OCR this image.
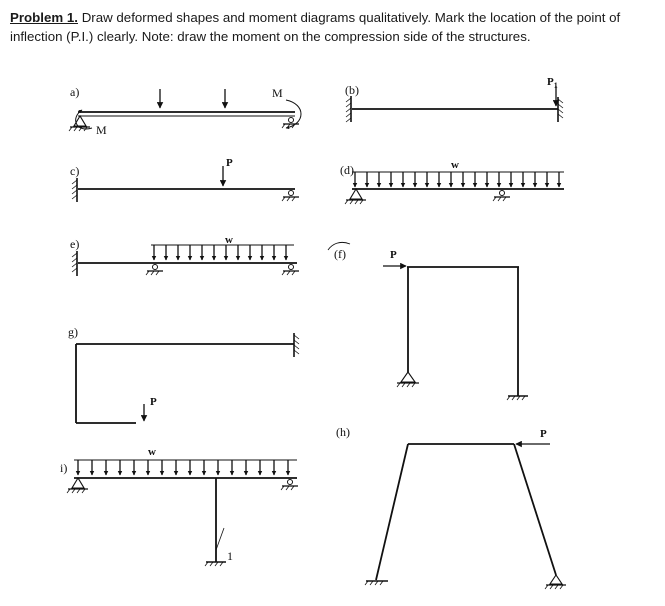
Problem 1. Draw deformed shapes and moment diagrams qualitatively. Mark the location of the point of inflection (P.I.) clearly. Note: draw the moment on the compression side of the structures.

a)
M
M	(b)
$P_1$
c)
P	(d)	w
e)	w
(f)	P
g)
P
(h)	P
i)
w
1
